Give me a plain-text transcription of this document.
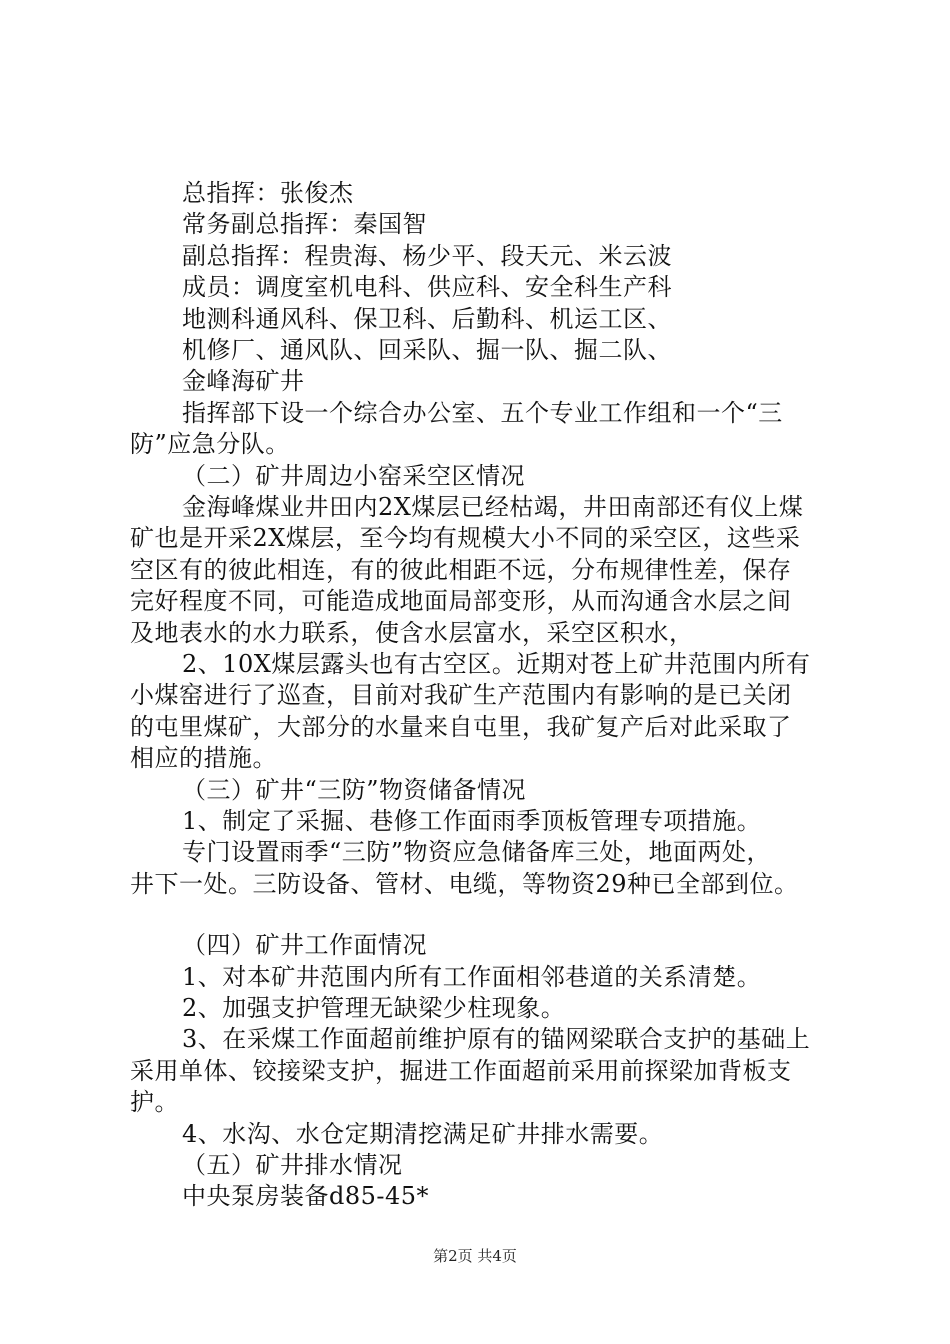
总指挥：张俊杰
常务副总指挥：秦国智
副总指挥：程贵海、杨少平、段天元、米云波
成员：调度室机电科、供应科、安全科生产科
地测科通风科、保卫科、后勤科、机运工区、
机修厂、通风队、回采队、掘一队、掘二队、
金峰海矿井
指挥部下设一个综合办公室、五个专业工作组和一个“三
防”应急分队。
（二）矿井周边小窑采空区情况
金海峰煤业井田内2X煤层已经枯竭，井田南部还有仪上煤
矿也是开采2X煤层，至今均有规模大小不同的采空区，这些采
空区有的彼此相连，有的彼此相距不远，分布规律性差，保存
完好程度不同，可能造成地面局部变形，从而沟通含水层之间
及地表水的水力联系，使含水层富水，采空区积水，
2、10X煤层露头也有古空区。近期对苍上矿井范围内所有
小煤窑进行了巡查，目前对我矿生产范围内有影响的是已关闭
的屯里煤矿，大部分的水量来自屯里，我矿复产后对此采取了
相应的措施。
（三）矿井“三防”物资储备情况
1、制定了采掘、巷修工作面雨季顶板管理专项措施。
专门设置雨季“三防”物资应急储备库三处，地面两处，
井下一处。三防设备、管材、电缆，等物资29种已全部到位。
（四）矿井工作面情况
1、对本矿井范围内所有工作面相邻巷道的关系清楚。
2、加强支护管理无缺梁少柱现象。
3、在采煤工作面超前维护原有的锚网梁联合支护的基础上
采用单体、铰接梁支护，掘进工作面超前采用前探梁加背板支
护。
4、水沟、水仓定期清挖满足矿井排水需要。
（五）矿井排水情况
中央泵房装备d85-45*
第2页 共4页
